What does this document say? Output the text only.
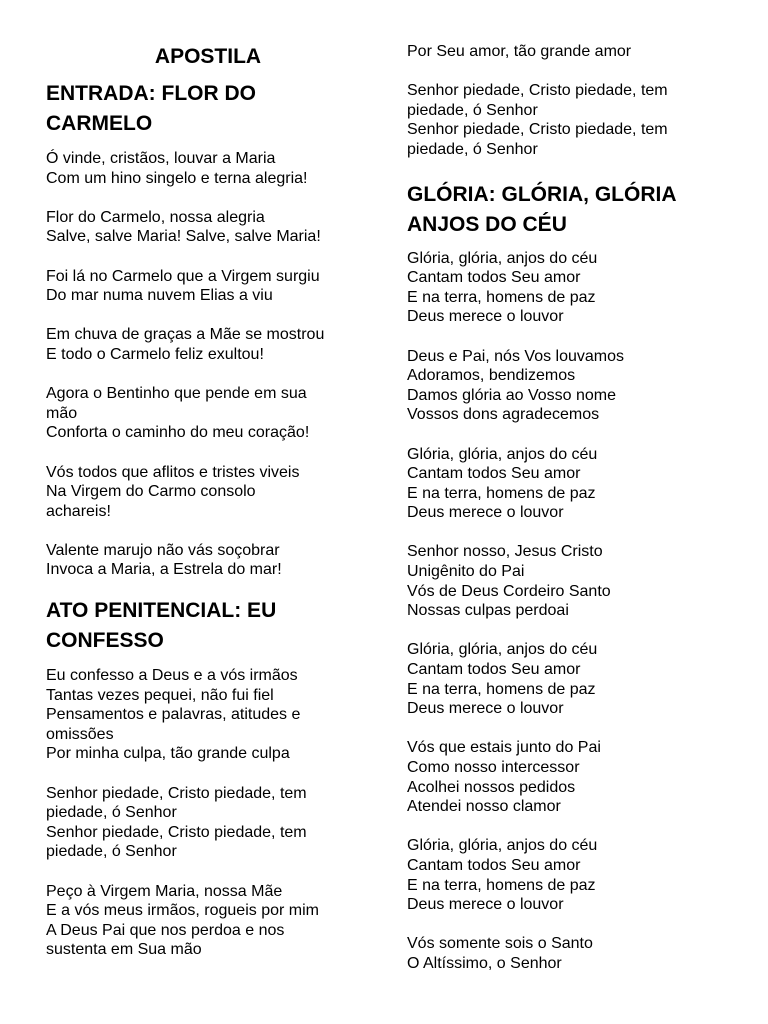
APOSTILA
ENTRADA: FLOR DO
CARMELO
Ó vinde, cristãos, louvar a Maria
Com um hino singelo e terna alegria!
Flor do Carmelo, nossa alegria
Salve, salve Maria! Salve, salve Maria!
Foi lá no Carmelo que a Virgem surgiu
Do mar numa nuvem Elias a viu
Em chuva de graças a Mãe se mostrou
E todo o Carmelo feliz exultou!
Agora o Bentinho que pende em sua
mão
Conforta o caminho do meu coração!
Vós todos que aflitos e tristes viveis
Na Virgem do Carmo consolo
achareis!
Valente marujo não vás soçobrar
Invoca a Maria, a Estrela do mar!
ATO PENITENCIAL: EU
CONFESSO
Eu confesso a Deus e a vós irmãos
Tantas vezes pequei, não fui fiel
Pensamentos e palavras, atitudes e
omissões
Por minha culpa, tão grande culpa
Senhor piedade, Cristo piedade, tem
piedade, ó Senhor
Senhor piedade, Cristo piedade, tem
piedade, ó Senhor
Peço à Virgem Maria, nossa Mãe
E a vós meus irmãos, rogueis por mim
A Deus Pai que nos perdoa e nos
sustenta em Sua mão
Por Seu amor, tão grande amor
Senhor piedade, Cristo piedade, tem
piedade, ó Senhor
Senhor piedade, Cristo piedade, tem
piedade, ó Senhor
GLÓRIA: GLÓRIA, GLÓRIA
ANJOS DO CÉU
Glória, glória, anjos do céu
Cantam todos Seu amor
E na terra, homens de paz
Deus merece o louvor
Deus e Pai, nós Vos louvamos
Adoramos, bendizemos
Damos glória ao Vosso nome
Vossos dons agradecemos
Glória, glória, anjos do céu
Cantam todos Seu amor
E na terra, homens de paz
Deus merece o louvor
Senhor nosso, Jesus Cristo
Unigênito do Pai
Vós de Deus Cordeiro Santo
Nossas culpas perdoai
Glória, glória, anjos do céu
Cantam todos Seu amor
E na terra, homens de paz
Deus merece o louvor
Vós que estais junto do Pai
Como nosso intercessor
Acolhei nossos pedidos
Atendei nosso clamor
Glória, glória, anjos do céu
Cantam todos Seu amor
E na terra, homens de paz
Deus merece o louvor
Vós somente sois o Santo
O Altíssimo, o Senhor
